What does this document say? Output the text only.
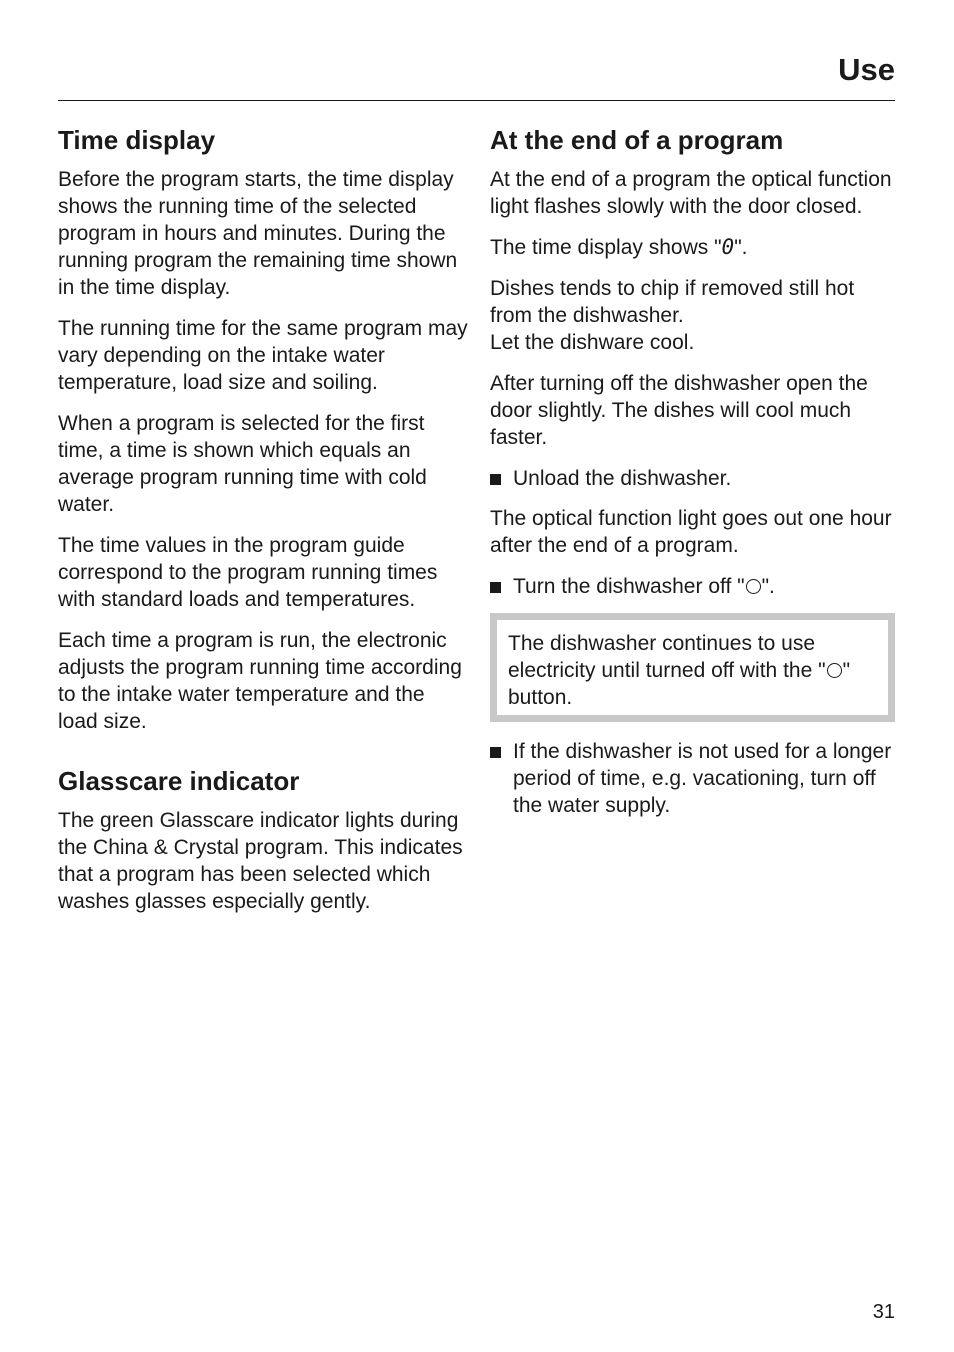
Use
Time display

Before the program starts, the time display shows the running time of the selected program in hours and minutes. During the running program the remaining time shown in the time display.

The running time for the same program may vary depending on the intake water temperature, load size and soiling.

When a program is selected for the first time, a time is shown which equals an average program running time with cold water.

The time values in the program guide correspond to the program running times with standard loads and temperatures.

Each time a program is run, the electronic adjusts the program running time according to the intake water temperature and the load size.

Glasscare indicator

The green Glasscare indicator lights during the China & Crystal program. This indicates that a program has been selected which washes glasses especially gently.

At the end of a program

At the end of a program the optical function light flashes slowly with the door closed.

The time display shows "0".

Dishes tends to chip if removed still hot from the dishwasher.
Let the dishware cool.

After turning off the dishwasher open the door slightly. The dishes will cool much faster.

Unload the dishwasher.

The optical function light goes out one hour after the end of a program.

Turn the dishwasher off " ".

The dishwasher continues to use electricity until turned off with the " " button.

If the dishwasher is not used for a longer period of time, e.g. vacationing, turn off the water supply.
31
